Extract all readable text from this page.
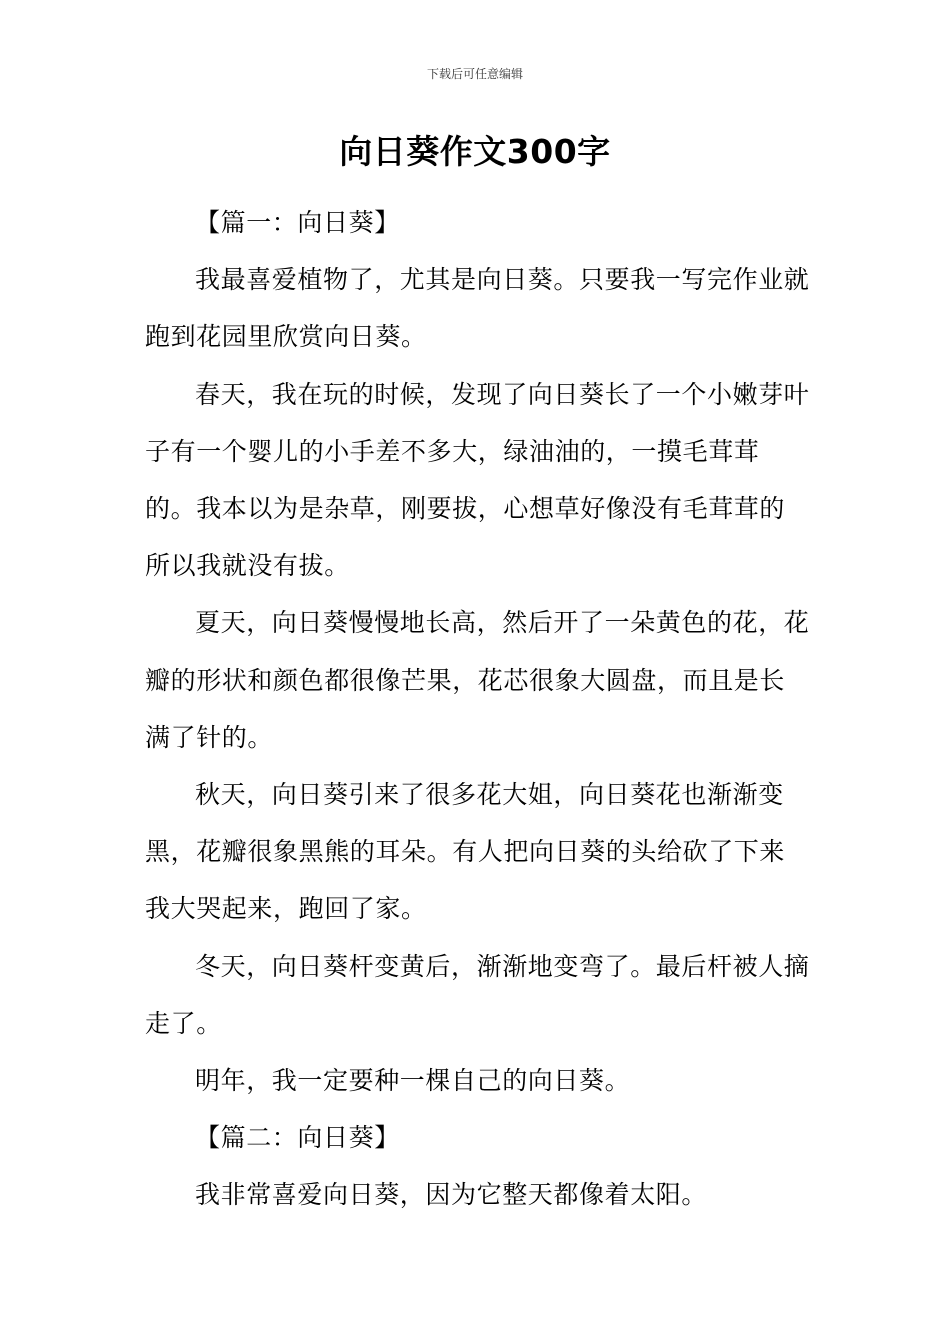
下载后可任意编辑
向日葵作文300字

【篇一：向日葵】

我最喜爱植物了，尤其是向日葵。只要我一写完作业就跑到花园里欣赏向日葵。

春天，我在玩的时候，发现了向日葵长了一个小嫩芽叶子有一个婴儿的小手差不多大，绿油油的，一摸毛茸茸的。我本以为是杂草，刚要拔，心想草好像没有毛茸茸的所以我就没有拔。

夏天，向日葵慢慢地长高，然后开了一朵黄色的花，花瓣的形状和颜色都很像芒果，花芯很象大圆盘，而且是长满了针的。

秋天，向日葵引来了很多花大姐，向日葵花也渐渐变黑，花瓣很象黑熊的耳朵。有人把向日葵的头给砍了下来我大哭起来，跑回了家。

冬天，向日葵杆变黄后，渐渐地变弯了。最后杆被人摘走了。

明年，我一定要种一棵自己的向日葵。

【篇二：向日葵】

我非常喜爱向日葵，因为它整天都像着太阳。
